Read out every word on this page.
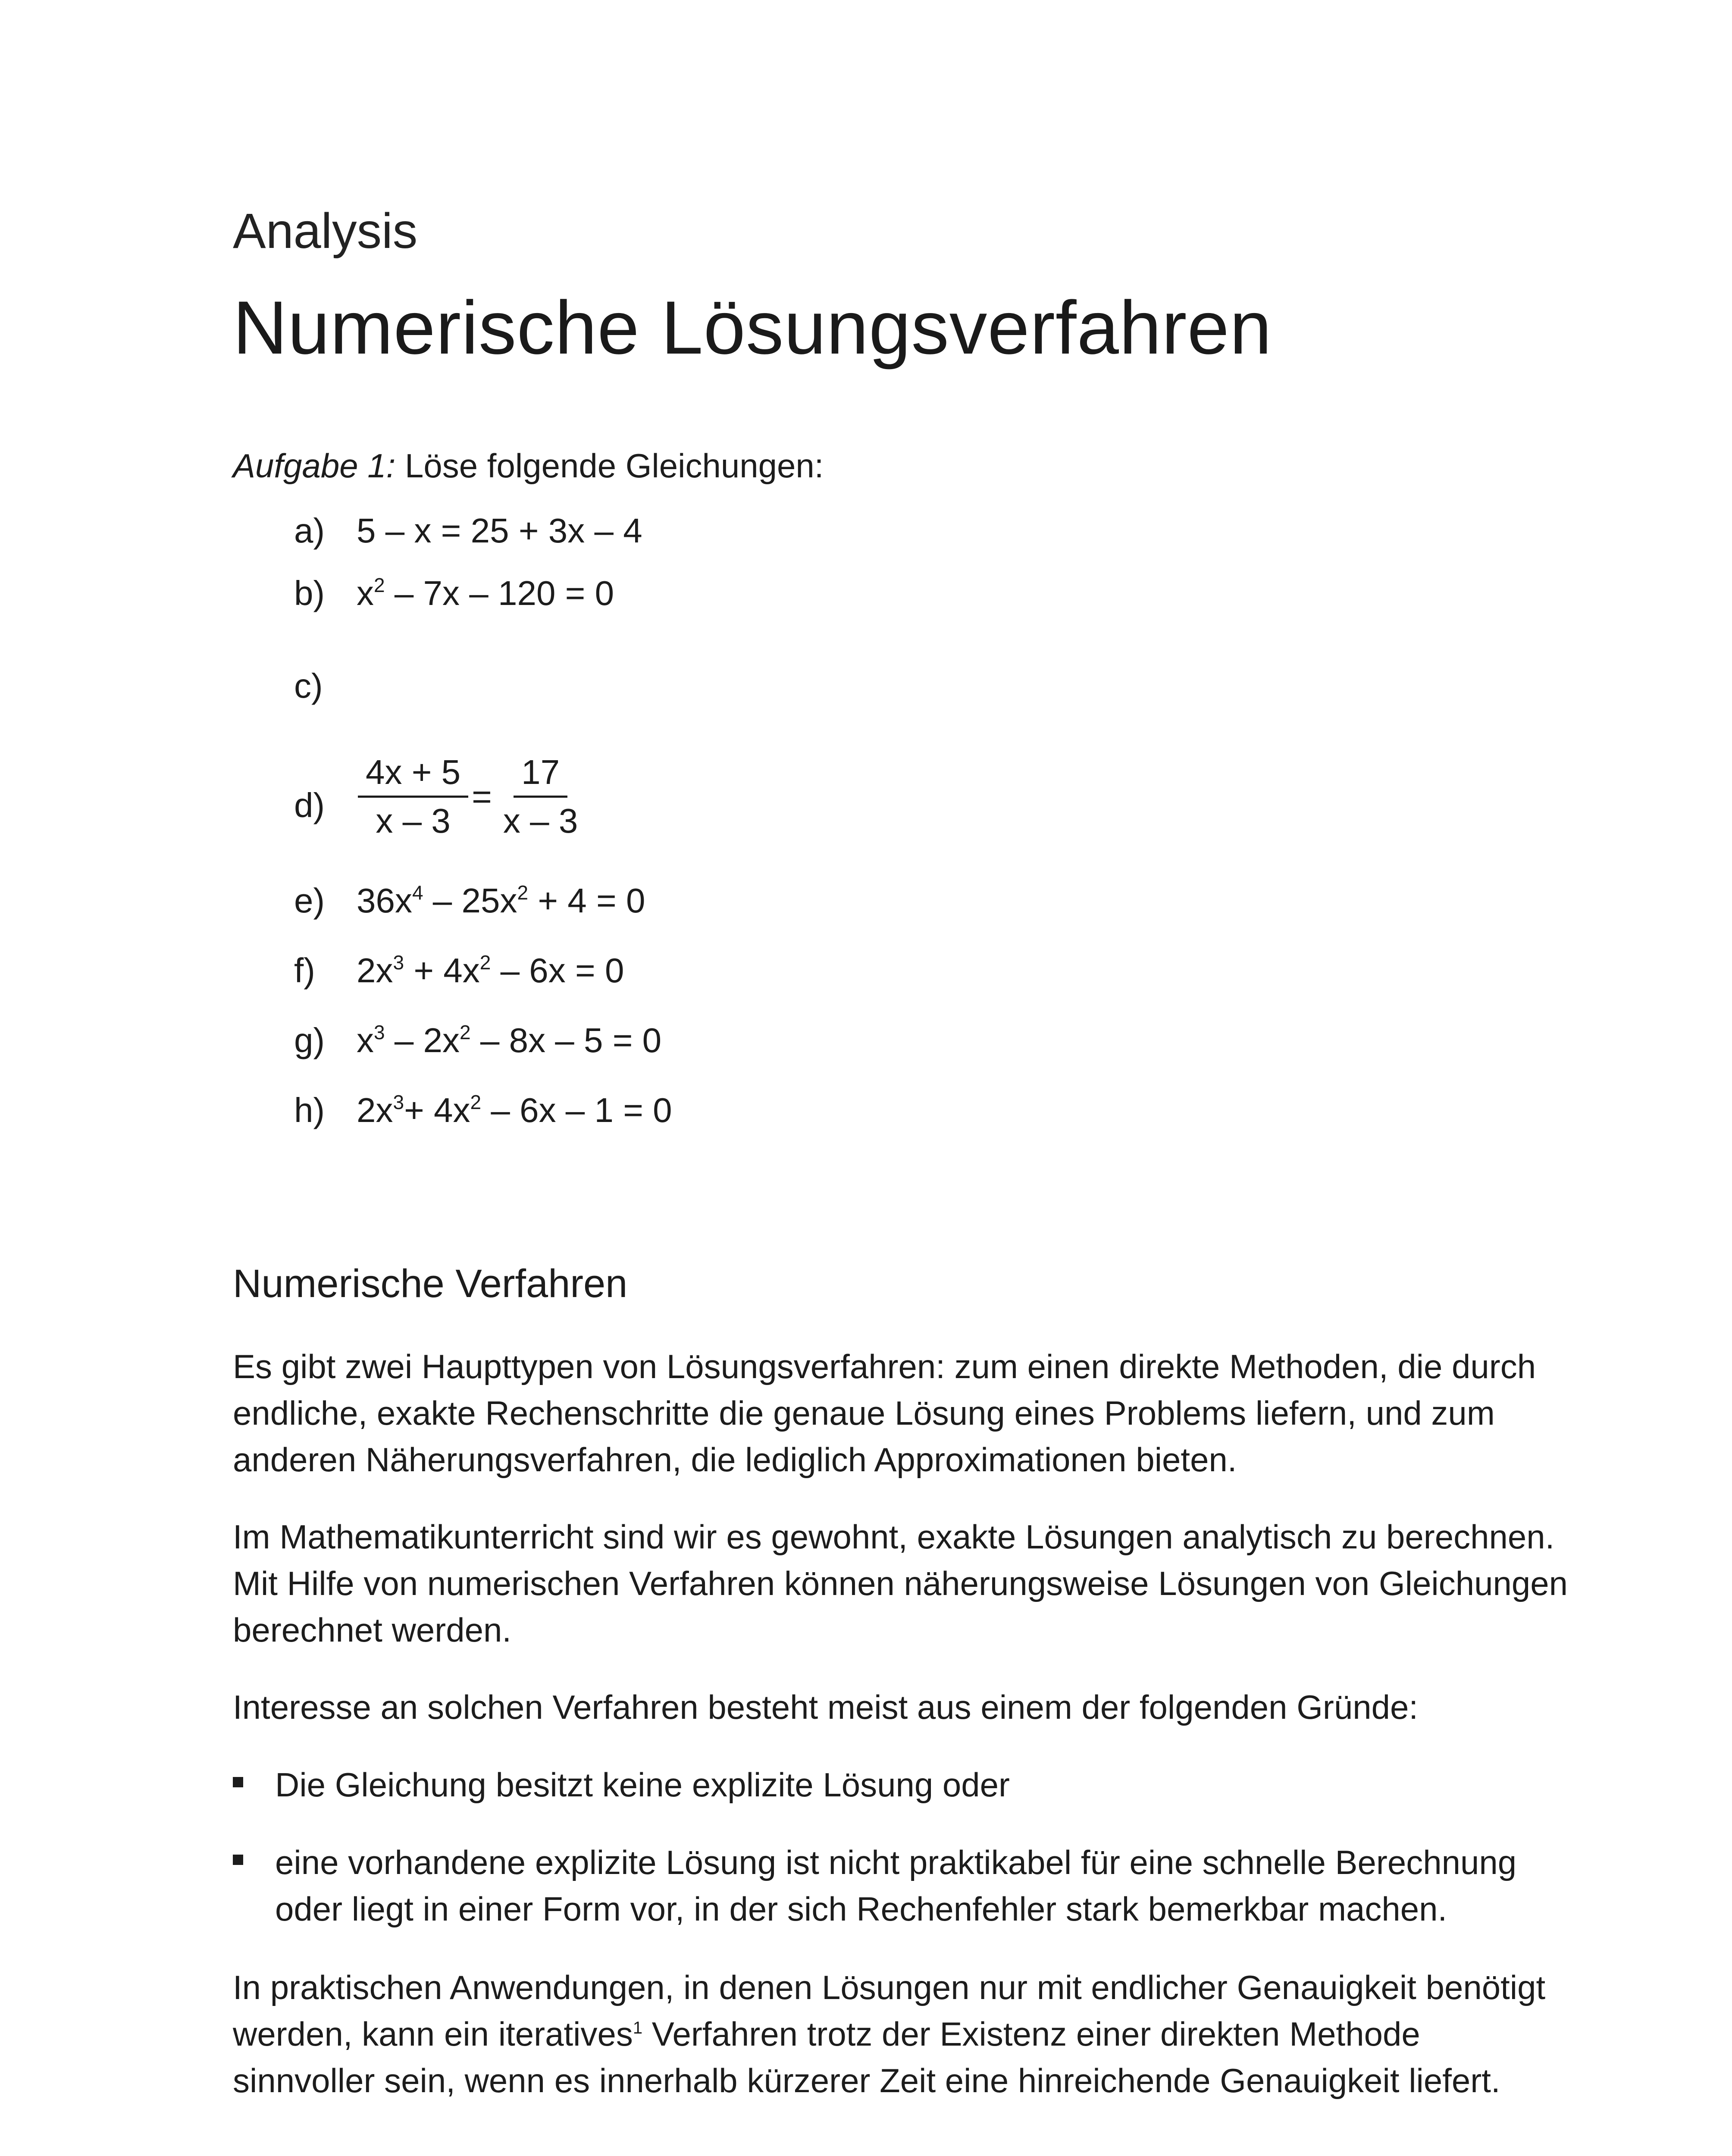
Analysis
Numerische Lösungsverfahren
Aufgabe 1: Löse folgende Gleichungen:
a) 5 – x = 25 + 3x – 4
b) $x^2 - 7x - 120 = 0$
c)
$d) \frac{4x + 5}{x - 3} = \frac{17}{x - 3}$
e) $36x^4 - 25x^2 + 4 = 0$
f) $2x^3 + 4x^2 - 6x = 0$
g) $x^3 - 2x^2 - 8x - 5 = 0$
h) $2x^3+ 4x^2 - 6x - 1 = 0$
Numerische Verfahren
Es gibt zwei Haupttypen von Lösungsverfahren: zum einen direkte Methoden, die durch endliche, exakte Rechenschritte die genaue Lösung eines Problems liefern, und zum anderen Näherungsverfahren, die lediglich Approximationen bieten.
Im Mathematikunterricht sind wir es gewohnt, exakte Lösungen analytisch zu berechnen. Mit Hilfe von numerischen Verfahren können näherungsweise Lösungen von Gleichungen berechnet werden.
Interesse an solchen Verfahren besteht meist aus einem der folgenden Gründe:
Die Gleichung besitzt keine explizite Lösung oder
eine vorhandene explizite Lösung ist nicht praktikabel für eine schnelle Berechnung oder liegt in einer Form vor, in der sich Rechenfehler stark bemerkbar machen.
In praktischen Anwendungen, in denen Lösungen nur mit endlicher Genauigkeit benötigt werden, kann ein iteratives$^1$ Verfahren trotz der Existenz einer direkten Methode sinnvoller sein, wenn es innerhalb kürzerer Zeit eine hinreichende Genauigkeit liefert.
